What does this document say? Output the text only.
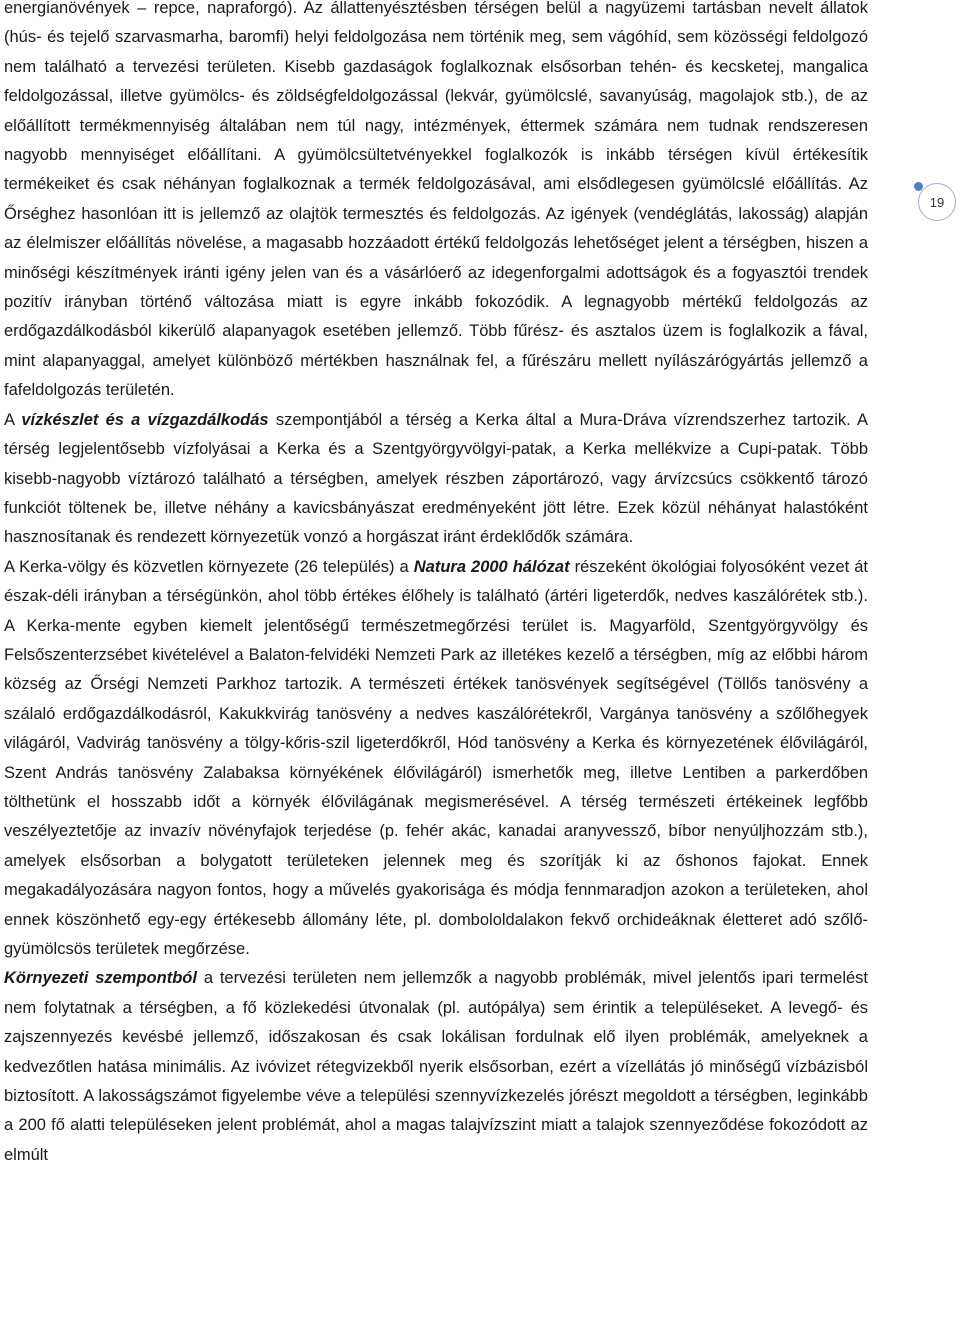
energianövények – repce, napraforgó). Az állattenyésztésben térségen belül a nagyüzemi tartásban nevelt állatok (hús- és tejelő szarvasmarha, baromfi) helyi feldolgozása nem történik meg, sem vágóhíd, sem közösségi feldolgozó nem található a tervezési területen. Kisebb gazdaságok foglalkoznak elsősorban tehén- és kecsketej, mangalica feldolgozással, illetve gyümölcs- és zöldségfeldolgozással (lekvár, gyümölcslé, savanyúság, magolajok stb.), de az előállított termékmennyiség általában nem túl nagy, intézmények, éttermek számára nem tudnak rendszeresen nagyobb mennyiséget előállítani. A gyümölcsültetvényekkel foglalkozók is inkább térségen kívül értékesítik termékeiket és csak néhányan foglalkoznak a termék feldolgozásával, ami elsődlegesen gyümölcslé előállítás. Az Őrséghez hasonlóan itt is jellemző az olajtök termesztés és feldolgozás. Az igények (vendéglátás, lakosság) alapján az élelmiszer előállítás növelése, a magasabb hozzáadott értékű feldolgozás lehetőséget jelent a térségben, hiszen a minőségi készítmények iránti igény jelen van és a vásárlóerő az idegenforgalmi adottságok és a fogyasztói trendek pozitív irányban történő változása miatt is egyre inkább fokozódik. A legnagyobb mértékű feldolgozás az erdőgazdálkodásból kikerülő alapanyagok esetében jellemző. Több fűrész- és asztalos üzem is foglalkozik a fával, mint alapanyaggal, amelyet különböző mértékben használnak fel, a fűrészáru mellett nyílászárógyártás jellemző a fafeldolgozás területén.

A vízkészlet és a vízgazdálkodás szempontjából a térség a Kerka által a Mura-Dráva vízrendszerhez tartozik. A térség legjelentősebb vízfolyásai a Kerka és a Szentgyörgyvölgyi-patak, a Kerka mellékvize a Cupi-patak. Több kisebb-nagyobb víztározó található a térségben, amelyek részben záportározó, vagy árvízcsúcs csökkentő tározó funkciót töltenek be, illetve néhány a kavicsbányászat eredményeként jött létre. Ezek közül néhányat halastóként hasznosítanak és rendezett környezetük vonzó a horgászat iránt érdeklődők számára.

A Kerka-völgy és közvetlen környezete (26 település) a Natura 2000 hálózat részeként ökológiai folyosóként vezet át észak-déli irányban a térségünkön, ahol több értékes élőhely is található (ártéri ligeterdők, nedves kaszálórétek stb.). A Kerka-mente egyben kiemelt jelentőségű természetmegőrzési terület is. Magyarföld, Szentgyörgyvölgy és Felsőszenterzsébet kivételével a Balaton-felvidéki Nemzeti Park az illetékes kezelő a térségben, míg az előbbi három község az Őrségi Nemzeti Parkhoz tartozik. A természeti értékek tanösvények segítségével (Töllős tanösvény a szálaló erdőgazdálkodásról, Kakukkvirág tanösvény a nedves kaszálórétekről, Vargánya tanösvény a szőlőhegyek világáról, Vadvirág tanösvény a tölgy-kőris-szil ligeterdőkről, Hód tanösvény a Kerka és környezetének élővilágáról, Szent András tanösvény Zalabaksa környékének élővilágáról) ismerhetők meg, illetve Lentiben a parkerdőben tölthetünk el hosszabb időt a környék élővilágának megismerésével. A térség természeti értékeinek legfőbb veszélyeztetője az invazív növényfajok terjedése (p. fehér akác, kanadai aranyvessző, bíbor nenyúljhozzám stb.), amelyek elsősorban a bolygatott területeken jelennek meg és szorítják ki az őshonos fajokat. Ennek megakadályozására nagyon fontos, hogy a művelés gyakorisága és módja fennmaradjon azokon a területeken, ahol ennek köszönhető egy-egy értékesebb állomány léte, pl. dombololdalakon fekvő orchideáknak életteret adó szőlő-gyümölcsös területek megőrzése.

Környezeti szempontból a tervezési területen nem jellemzők a nagyobb problémák, mivel jelentős ipari termelést nem folytatnak a térségben, a fő közlekedési útvonalak (pl. autópálya) sem érintik a településeket. A levegő- és zajszennyezés kevésbé jellemző, időszakosan és csak lokálisan fordulnak elő ilyen problémák, amelyeknek a kedvezőtlen hatása minimális. Az ivóvizet rétegvizekből nyerik elsősorban, ezért a vízellátás jó minőségű vízbázisból biztosított. A lakosságszámot figyelembe véve a települési szennyvízkezelés jórészt megoldott a térségben, leginkább a 200 fő alatti településeken jelent problémát, ahol a magas talajvízszint miatt a talajok szennyeződése fokozódott az elmúlt

19
